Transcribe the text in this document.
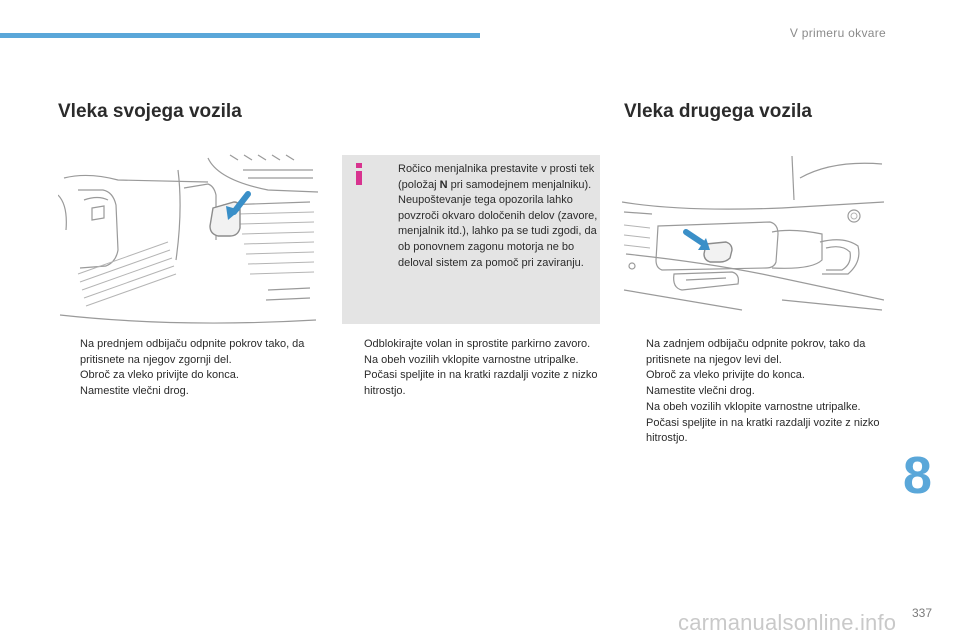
V primeru okvare
Vleka svojega vozila	Vleka drugega vozila

Ročico menjalnika prestavite v prosti tek (položaj N pri samodejnem menjalniku). Neupoštevanje tega opozorila lahko povzroči okvaro določenih delov (zavore, menjalnik itd.), lahko pa se tudi zgodi, da ob ponovnem zagonu motorja ne bo deloval sistem za pomoč pri zaviranju.

Na prednjem odbijaču odpnite pokrov tako, da pritisnete na njegov zgornji del.
Obroč za vleko privijte do konca.
Namestite vlečni drog.
Odblokirajte volan in sprostite parkirno zavoro.
Na obeh vozilih vklopite varnostne utripalke.
Počasi speljite in na kratki razdalji vozite z nizko hitrostjo.
Na zadnjem odbijaču odpnite pokrov, tako da pritisnete na njegov levi del.
Obroč za vleko privijte do konca.
Namestite vlečni drog.
Na obeh vozilih vklopite varnostne utripalke.
Počasi speljite in na kratki razdalji vozite z nizko hitrostjo.
8
carmanualsonline.info 337
